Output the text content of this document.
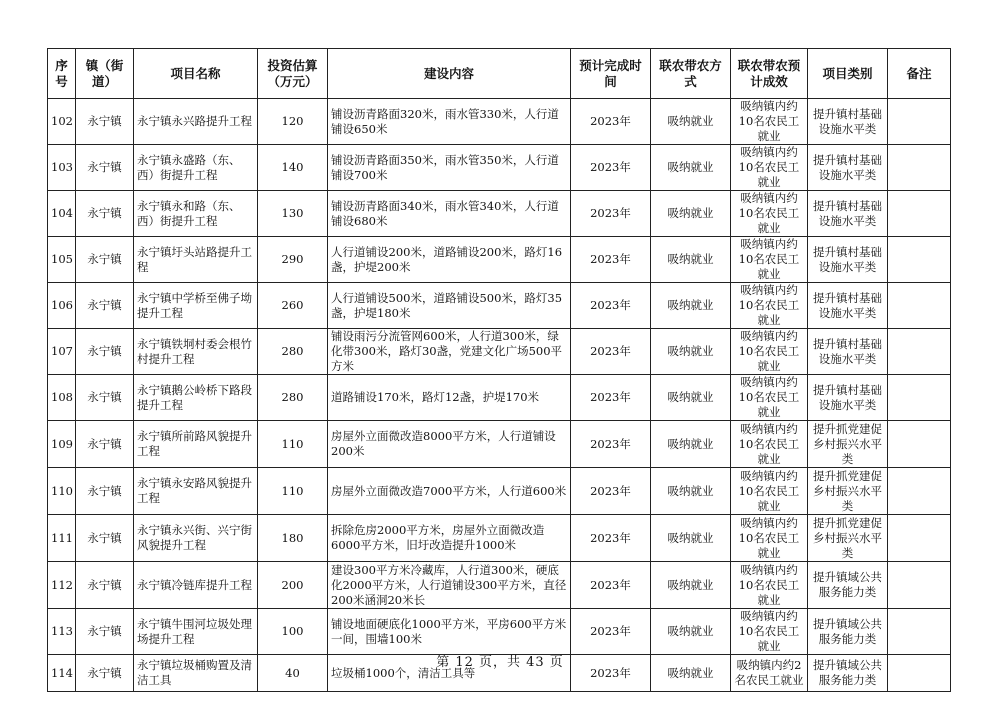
序号	镇（街道）	项目名称	投资估算（万元）	建设内容	预计完成时间	联农带农方式	联农带农预计成效	项目类别	备注
102	永宁镇	永宁镇永兴路提升工程	120	铺设沥青路面320米，雨水管330米，人行道铺设650米	2023年	吸纳就业	吸纳镇内约10名农民工就业	提升镇村基础设施水平类	
103	永宁镇	永宁镇永盛路（东、西）街提升工程	140	铺设沥青路面350米，雨水管350米，人行道铺设700米	2023年	吸纳就业	吸纳镇内约10名农民工就业	提升镇村基础设施水平类	
104	永宁镇	永宁镇永和路（东、西）街提升工程	130	铺设沥青路面340米，雨水管340米，人行道铺设680米	2023年	吸纳就业	吸纳镇内约10名农民工就业	提升镇村基础设施水平类	
105	永宁镇	永宁镇圩头站路提升工程	290	人行道铺设200米，道路铺设200米，路灯16盏，护堤200米	2023年	吸纳就业	吸纳镇内约10名农民工就业	提升镇村基础设施水平类	
106	永宁镇	永宁镇中学桥至佛子坳提升工程	260	人行道铺设500米，道路铺设500米，路灯35盏，护堤180米	2023年	吸纳就业	吸纳镇内约10名农民工就业	提升镇村基础设施水平类	
107	永宁镇	永宁镇铁垌村委会根竹村提升工程	280	铺设雨污分流管网600米，人行道300米，绿化带300米，路灯30盏，党建文化广场500平方米	2023年	吸纳就业	吸纳镇内约10名农民工就业	提升镇村基础设施水平类	
108	永宁镇	永宁镇鹅公岭桥下路段提升工程	280	道路铺设170米，路灯12盏，护堤170米	2023年	吸纳就业	吸纳镇内约10名农民工就业	提升镇村基础设施水平类	
109	永宁镇	永宁镇所前路风貌提升工程	110	房屋外立面微改造8000平方米，人行道铺设200米	2023年	吸纳就业	吸纳镇内约10名农民工就业	提升抓党建促乡村振兴水平类	
110	永宁镇	永宁镇永安路风貌提升工程	110	房屋外立面微改造7000平方米，人行道600米	2023年	吸纳就业	吸纳镇内约10名农民工就业	提升抓党建促乡村振兴水平类	
111	永宁镇	永宁镇永兴街、兴宁街风貌提升工程	180	拆除危房2000平方米，房屋外立面微改造6000平方米，旧圩改造提升1000米	2023年	吸纳就业	吸纳镇内约10名农民工就业	提升抓党建促乡村振兴水平类	
112	永宁镇	永宁镇冷链库提升工程	200	建设300平方米冷藏库，人行道300米，硬底化2000平方米，人行道铺设300平方米，直径200米涵洞20米长	2023年	吸纳就业	吸纳镇内约10名农民工就业	提升镇域公共服务能力类	
113	永宁镇	永宁镇牛围河垃圾处理场提升工程	100	铺设地面硬底化1000平方米，平房600平方米一间，围墙100米	2023年	吸纳就业	吸纳镇内约10名农民工就业	提升镇域公共服务能力类	
114	永宁镇	永宁镇垃圾桶购置及清洁工具	40	垃圾桶1000个，清洁工具等	2023年	吸纳就业	吸纳镇内约2名农民工就业	提升镇域公共服务能力类	
第 12 页，共 43 页
